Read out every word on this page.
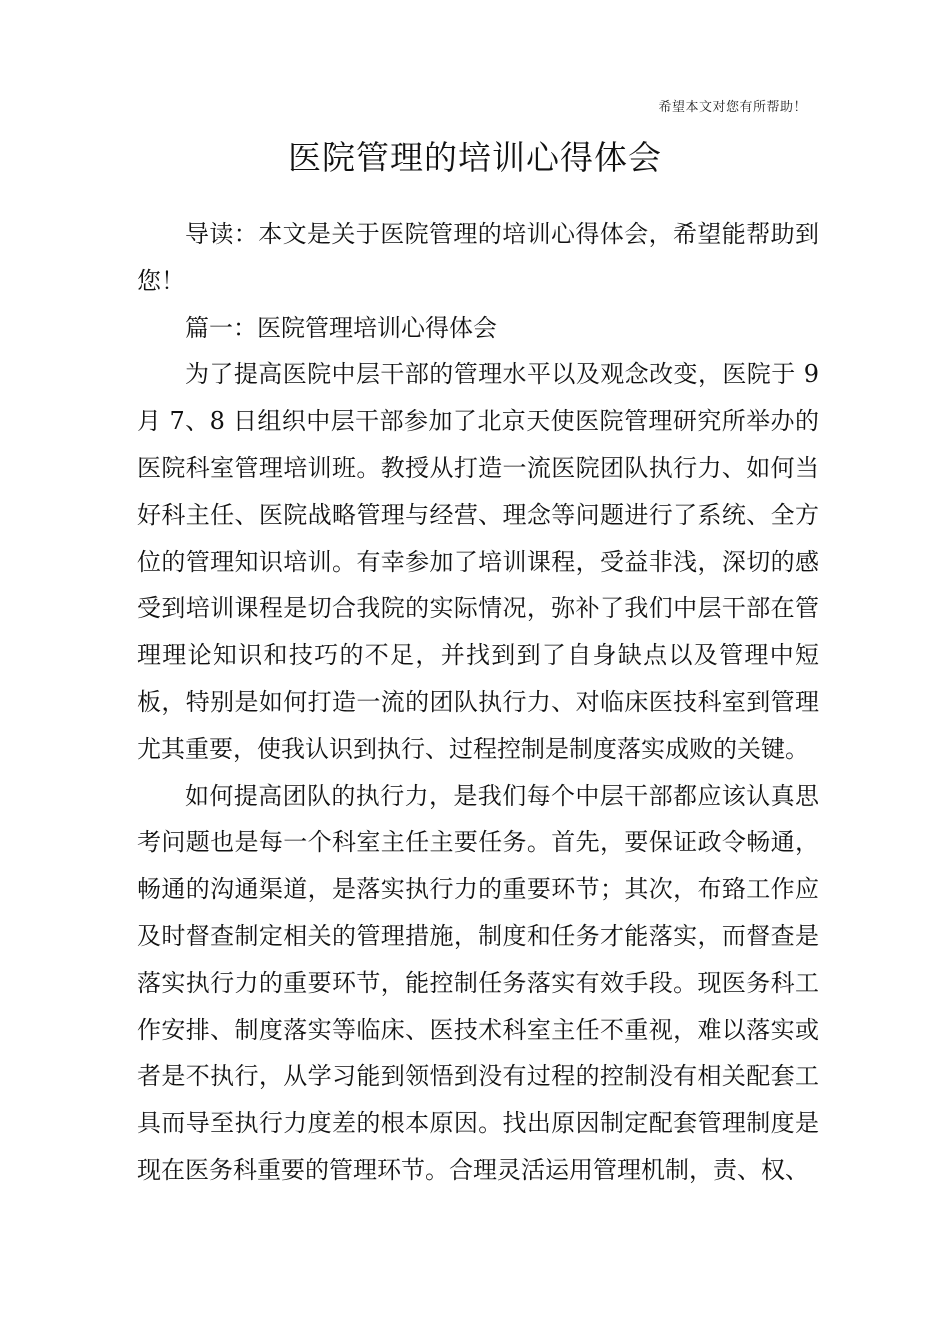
希望本文对您有所帮助！
医院管理的培训心得体会

导读：本文是关于医院管理的培训心得体会，希望能帮助到您！

篇一：医院管理培训心得体会

为了提高医院中层干部的管理水平以及观念改变，医院于 9 月 7、8 日组织中层干部参加了北京天使医院管理研究所举办的医院科室管理培训班。教授从打造一流医院团队执行力、如何当好科主任、医院战略管理与经营、理念等问题进行了系统、全方位的管理知识培训。有幸参加了培训课程，受益非浅，深切的感受到培训课程是切合我院的实际情况，弥补了我们中层干部在管理理论知识和技巧的不足，并找到到了自身缺点以及管理中短板，特别是如何打造一流的团队执行力、对临床医技科室到管理尤其重要，使我认识到执行、过程控制是制度落实成败的关键。

如何提高团队的执行力，是我们每个中层干部都应该认真思考问题也是每一个科室主任主要任务。首先，要保证政令畅通，畅通的沟通渠道，是落实执行力的重要环节；其次，布臵工作应及时督查制定相关的管理措施，制度和任务才能落实，而督查是落实执行力的重要环节，能控制任务落实有效手段。现医务科工作安排、制度落实等临床、医技术科室主任不重视，难以落实或者是不执行，从学习能到领悟到没有过程的控制没有相关配套工具而导至执行力度差的根本原因。找出原因制定配套管理制度是现在医务科重要的管理环节。合理灵活运用管理机制，责、权、
